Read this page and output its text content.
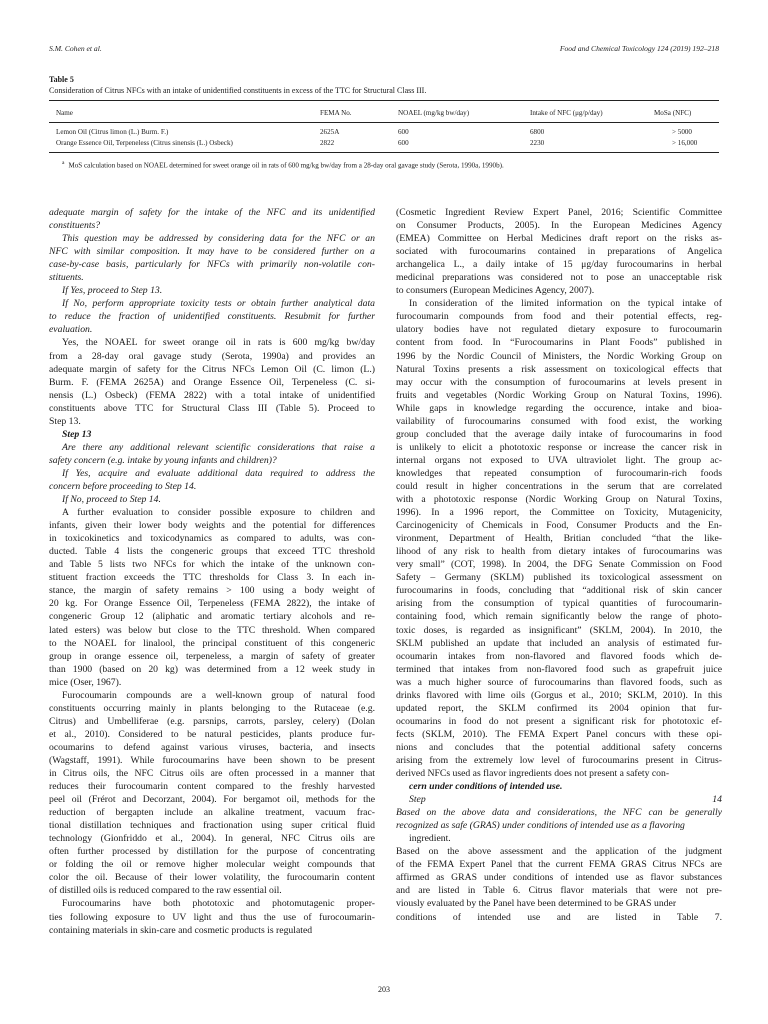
S.M. Cohen et al.	Food and Chemical Toxicology 124 (2019) 192–218
Table 5
Consideration of Citrus NFCs with an intake of unidentified constituents in excess of the TTC for Structural Class III.
Name	FEMA No.	NOAEL (mg/kg bw/day)	Intake of NFC (μg/p/day)	MoSa (NFC)
Lemon Oil (Citrus limon (L.) Burm. F.)	2625A	600	6800	> 5000
Orange Essence Oil, Terpeneless (Citrus sinensis (L.) Osbeck)	2822	600	2230	> 16,000
$^a$ MoS calculation based on NOAEL determined for sweet orange oil in rats of 600 mg/kg bw/day from a 28-day oral gavage study (Serota, 1990a, 1990b).
adequate margin of safety for the intake of the NFC and its unidentified
constituents?
This question may be addressed by considering data for the NFC or an
NFC with similar composition. It may have to be considered further on a
case-by-case basis, particularly for NFCs with primarily non-volatile con-
stituents.
If Yes, proceed to Step 13.
If No, perform appropriate toxicity tests or obtain further analytical data
to reduce the fraction of unidentified constituents. Resubmit for further
evaluation.
Yes, the NOAEL for sweet orange oil in rats is 600 mg/kg bw/day
from a 28-day oral gavage study (Serota, 1990a) and provides an
adequate margin of safety for the Citrus NFCs Lemon Oil (C. limon (L.)
Burm. F. (FEMA 2625A) and Orange Essence Oil, Terpeneless (C. si-
nensis (L.) Osbeck) (FEMA 2822) with a total intake of unidentified
constituents above TTC for Structural Class III (Table 5). Proceed to
Step 13.
Step 13
Are there any additional relevant scientific considerations that raise a
safety concern (e.g. intake by young infants and children)?
If Yes, acquire and evaluate additional data required to address the
concern before proceeding to Step 14.
If No, proceed to Step 14.
A further evaluation to consider possible exposure to children and
infants, given their lower body weights and the potential for differences
in toxicokinetics and toxicodynamics as compared to adults, was con-
ducted. Table 4 lists the congeneric groups that exceed TTC threshold
and Table 5 lists two NFCs for which the intake of the unknown con-
stituent fraction exceeds the TTC thresholds for Class 3. In each in-
stance, the margin of safety remains > 100 using a body weight of
20 kg. For Orange Essence Oil, Terpeneless (FEMA 2822), the intake of
congeneric Group 12 (aliphatic and aromatic tertiary alcohols and re-
lated esters) was below but close to the TTC threshold. When compared
to the NOAEL for linalool, the principal constituent of this congeneric
group in orange essence oil, terpeneless, a margin of safety of greater
than 1900 (based on 20 kg) was determined from a 12 week study in
mice (Oser, 1967).
Furocoumarin compounds are a well-known group of natural food
constituents occurring mainly in plants belonging to the Rutaceae (e.g.
Citrus) and Umbelliferae (e.g. parsnips, carrots, parsley, celery) (Dolan
et al., 2010). Considered to be natural pesticides, plants produce fur-
ocoumarins to defend against various viruses, bacteria, and insects
(Wagstaff, 1991). While furocoumarins have been shown to be present
in Citrus oils, the NFC Citrus oils are often processed in a manner that
reduces their furocoumarin content compared to the freshly harvested
peel oil (Frérot and Decorzant, 2004). For bergamot oil, methods for the
reduction of bergapten include an alkaline treatment, vacuum frac-
tional distillation techniques and fractionation using super critical fluid
technology (Gionfriddo et al., 2004). In general, NFC Citrus oils are
often further processed by distillation for the purpose of concentrating
or folding the oil or remove higher molecular weight compounds that
color the oil. Because of their lower volatility, the furocoumarin content
of distilled oils is reduced compared to the raw essential oil.
Furocoumarins have both phototoxic and photomutagenic proper-
ties following exposure to UV light and thus the use of furocoumarin-
containing materials in skin-care and cosmetic products is regulated
(Cosmetic Ingredient Review Expert Panel, 2016; Scientific Committee
on Consumer Products, 2005). In the European Medicines Agency
(EMEA) Committee on Herbal Medicines draft report on the risks as-
sociated with furocoumarins contained in preparations of Angelica
archangelica L., a daily intake of 15 μg/day furocoumarins in herbal
medicinal preparations was considered not to pose an unacceptable risk
to consumers (European Medicines Agency, 2007).
In consideration of the limited information on the typical intake of
furocoumarin compounds from food and their potential effects, reg-
ulatory bodies have not regulated dietary exposure to furocoumarin
content from food. In “Furocoumarins in Plant Foods” published in
1996 by the Nordic Council of Ministers, the Nordic Working Group on
Natural Toxins presents a risk assessment on toxicological effects that
may occur with the consumption of furocoumarins at levels present in
fruits and vegetables (Nordic Working Group on Natural Toxins, 1996).
While gaps in knowledge regarding the occurence, intake and bioa-
vailability of furocoumarins consumed with food exist, the working
group concluded that the average daily intake of furocoumarins in food
is unlikely to elicit a phototoxic response or increase the cancer risk in
internal organs not exposed to UVA ultraviolet light. The group ac-
knowledges that repeated consumption of furocoumarin-rich foods
could result in higher concentrations in the serum that are correlated
with a phototoxic response (Nordic Working Group on Natural Toxins,
1996). In a 1996 report, the Committee on Toxicity, Mutagenicity,
Carcinogenicity of Chemicals in Food, Consumer Products and the En-
vironment, Department of Health, Britian concluded “that the like-
lihood of any risk to health from dietary intakes of furocoumarins was
very small” (COT, 1998). In 2004, the DFG Senate Commission on Food
Safety – Germany (SKLM) published its toxicological assessment on
furocoumarins in foods, concluding that “additional risk of skin cancer
arising from the consumption of typical quantities of furocoumarin-
containing food, which remain significantly below the range of photo-
toxic doses, is regarded as insignificant” (SKLM, 2004). In 2010, the
SKLM published an update that included an analysis of estimated fur-
ocoumarin intakes from non-flavored and flavored foods which de-
termined that intakes from non-flavored food such as grapefruit juice
was a much higher source of furocoumarins than flavored foods, such as
drinks flavored with lime oils (Gorgus et al., 2010; SKLM, 2010). In this
updated report, the SKLM confirmed its 2004 opinion that fur-
ocoumarins in food do not present a significant risk for phototoxic ef-
fects (SKLM, 2010). The FEMA Expert Panel concurs with these opi-
nions and concludes that the potential additional safety concerns
arising from the extremely low level of furocoumarins present in Citrus-
derived NFCs used as flavor ingredients does not present a safety con-
cern under conditions of intended use.
Step 14
Based on the above data and considerations, the NFC can be generally
recognized as safe (GRAS) under conditions of intended use as a flavoring
ingredient.
Based on the above assessment and the application of the judgment
of the FEMA Expert Panel that the current FEMA GRAS Citrus NFCs are
affirmed as GRAS under conditions of intended use as flavor substances
and are listed in Table 6. Citrus flavor materials that were not pre-
viously evaluated by the Panel have been determined to be GRAS under
conditions of intended use and are listed in Table 7.
203
